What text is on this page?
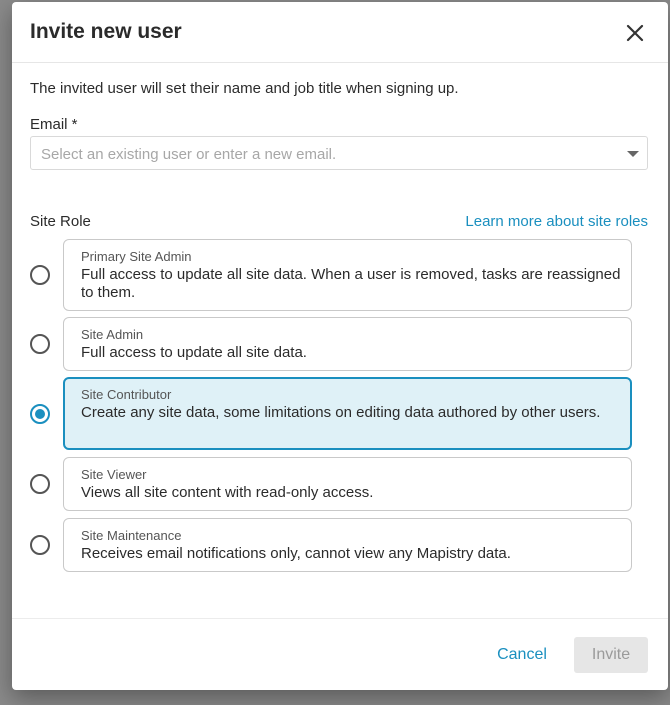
Invite new user
The invited user will set their name and job title when signing up.
Email *
Select an existing user or enter a new email.
Site Role	Learn more about site roles
Primary Site Admin
Full access to update all site data. When a user is removed, tasks are reassigned to them.
Site Admin
Full access to update all site data.
Site Contributor
Create any site data, some limitations on editing data authored by other users.
Site Viewer
Views all site content with read-only access.
Site Maintenance
Receives email notifications only, cannot view any Mapistry data.
Cancel	Invite
